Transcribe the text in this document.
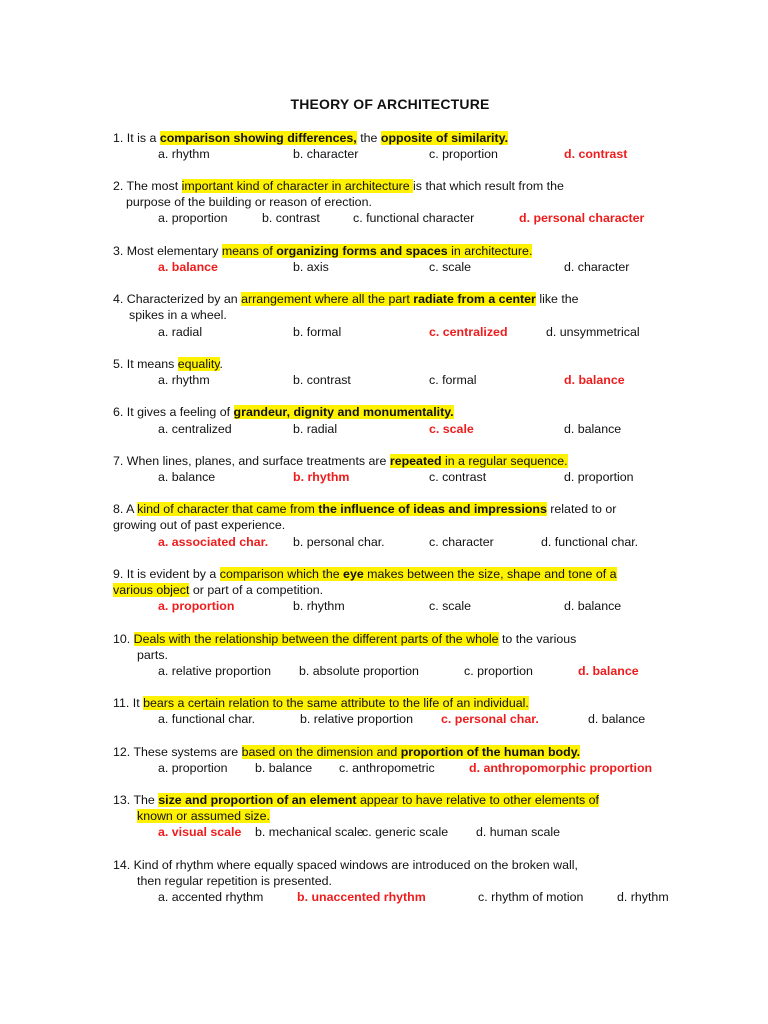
THEORY OF ARCHITECTURE
1. It is a comparison showing differences, the opposite of similarity.
a. rhythm	b. character	c. proportion	d. contrast
2. The most important kind of character in architecture is that which result from the
purpose of the building or reason of erection.
a. proportion	b. contrast	c. functional character	d. personal character
3. Most elementary means of organizing forms and spaces in architecture.
a. balance	b. axis	c. scale	d. character
4. Characterized by an arrangement where all the part radiate from a center like the
spikes in a wheel.
a. radial	b. formal	c. centralized	d. unsymmetrical
5. It means equality.
a. rhythm	b. contrast	c. formal	d. balance
6. It gives a feeling of grandeur, dignity and monumentality.
a. centralized	b. radial	c. scale	d. balance
7. When lines, planes, and surface treatments are repeated in a regular sequence.
a. balance	b. rhythm	c. contrast	d. proportion
8. A kind of character that came from the influence of ideas and impressions related to or
growing out of past experience.
a. associated char. b. personal char.	c. character	d. functional char.
9. It is evident by a comparison which the eye makes between the size, shape and tone of a
various object or part of a competition.
a. proportion	b. rhythm	c. scale	d. balance
10. Deals with the relationship between the different parts of the whole to the various
parts.
a. relative proportion b. absolute proportion	c. proportion	d. balance
11. It bears a certain relation to the same attribute to the life of an individual.
a. functional char.	b. relative proportion c. personal char.	d. balance
12. These systems are based on the dimension and proportion of the human body.
a. proportion b. balance c. anthropometric	d. anthropomorphic proportion
13. The size and proportion of an element appear to have relative to other elements of
known or assumed size.
a. visual scale b. mechanical scale
c. generic scale d. human scale
14. Kind of rhythm where equally spaced windows are introduced on the broken wall,
then regular repetition is presented.
a. accented rhythm	b. unaccented rhythm	c. rhythm of motion	d. rhythm
